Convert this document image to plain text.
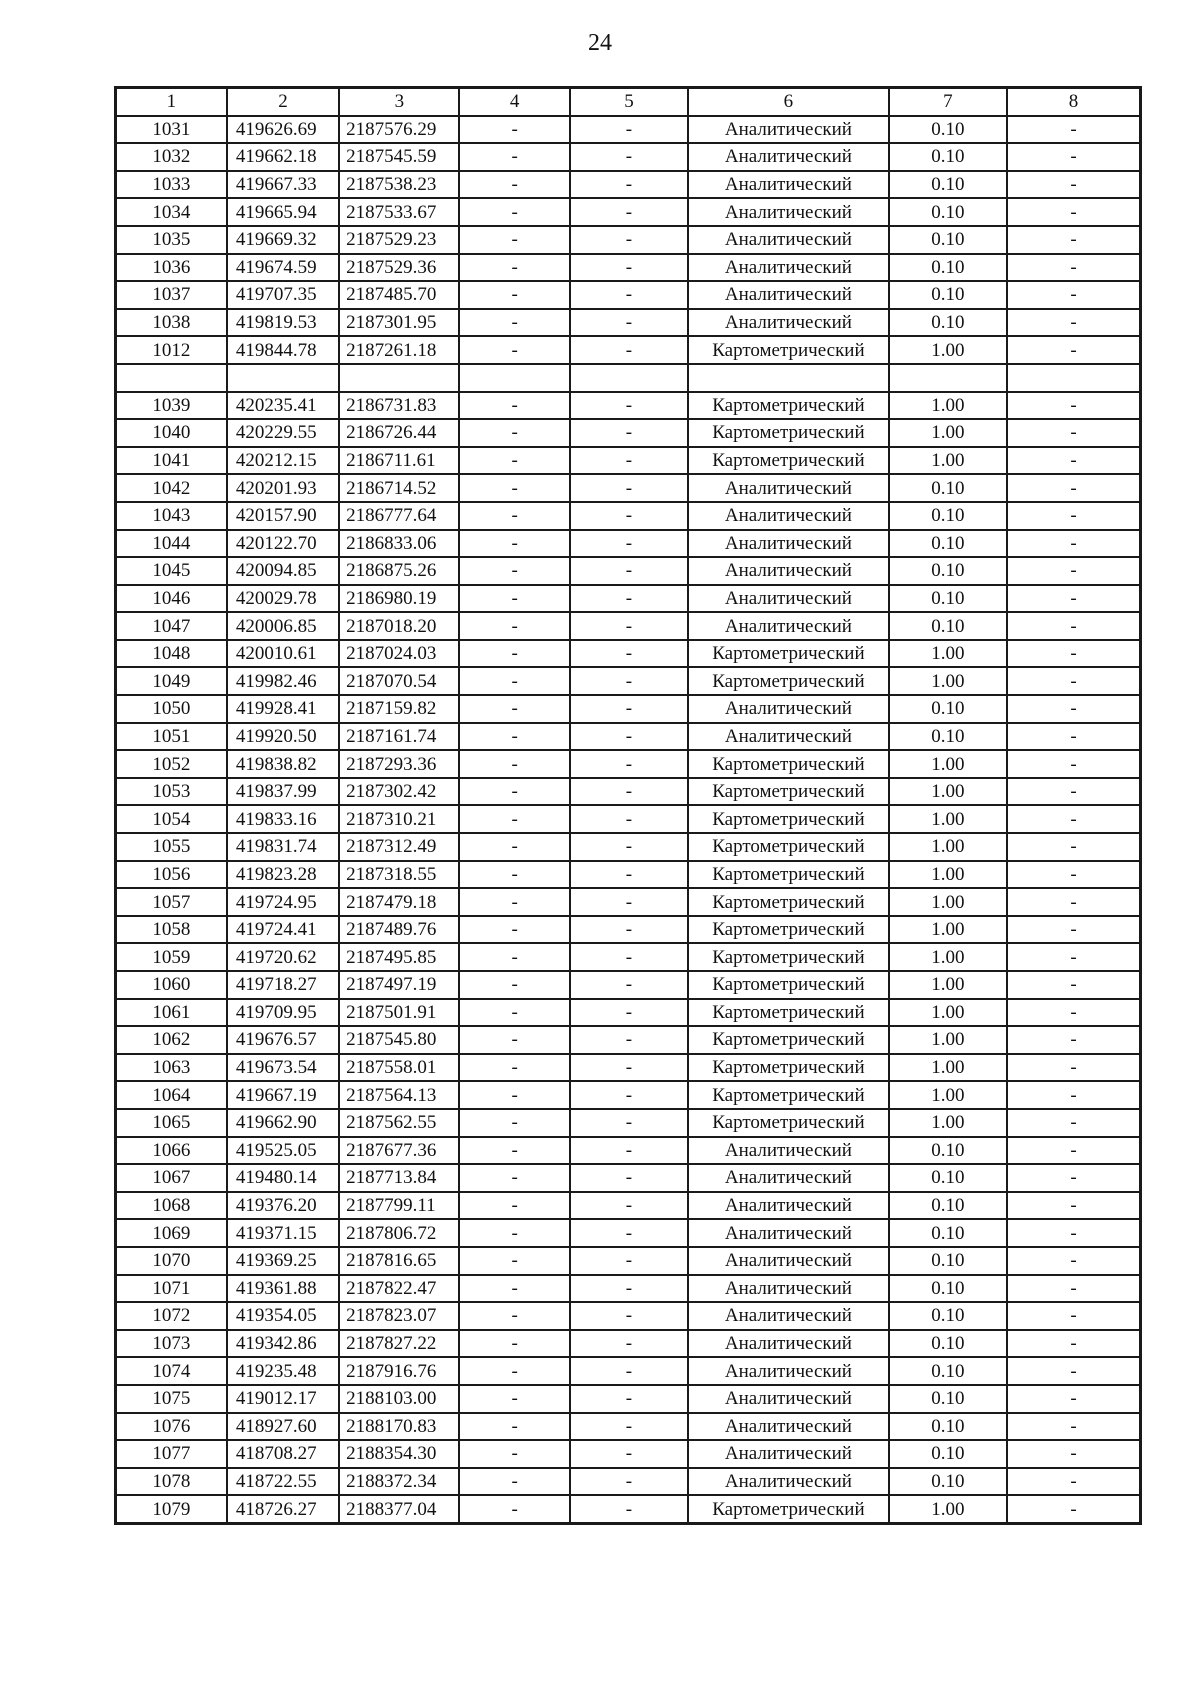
24
1	2	3	4	5	6	7	8
1031	419626.69	2187576.29	-	-	Аналитический	0.10	-
1032	419662.18	2187545.59	-	-	Аналитический	0.10	-
1033	419667.33	2187538.23	-	-	Аналитический	0.10	-
1034	419665.94	2187533.67	-	-	Аналитический	0.10	-
1035	419669.32	2187529.23	-	-	Аналитический	0.10	-
1036	419674.59	2187529.36	-	-	Аналитический	0.10	-
1037	419707.35	2187485.70	-	-	Аналитический	0.10	-
1038	419819.53	2187301.95	-	-	Аналитический	0.10	-
1012	419844.78	2187261.18	-	-	Картометрический	1.00	-

1039	420235.41	2186731.83	-	-	Картометрический	1.00	-
1040	420229.55	2186726.44	-	-	Картометрический	1.00	-
1041	420212.15	2186711.61	-	-	Картометрический	1.00	-
1042	420201.93	2186714.52	-	-	Аналитический	0.10	-
1043	420157.90	2186777.64	-	-	Аналитический	0.10	-
1044	420122.70	2186833.06	-	-	Аналитический	0.10	-
1045	420094.85	2186875.26	-	-	Аналитический	0.10	-
1046	420029.78	2186980.19	-	-	Аналитический	0.10	-
1047	420006.85	2187018.20	-	-	Аналитический	0.10	-
1048	420010.61	2187024.03	-	-	Картометрический	1.00	-
1049	419982.46	2187070.54	-	-	Картометрический	1.00	-
1050	419928.41	2187159.82	-	-	Аналитический	0.10	-
1051	419920.50	2187161.74	-	-	Аналитический	0.10	-
1052	419838.82	2187293.36	-	-	Картометрический	1.00	-
1053	419837.99	2187302.42	-	-	Картометрический	1.00	-
1054	419833.16	2187310.21	-	-	Картометрический	1.00	-
1055	419831.74	2187312.49	-	-	Картометрический	1.00	-
1056	419823.28	2187318.55	-	-	Картометрический	1.00	-
1057	419724.95	2187479.18	-	-	Картометрический	1.00	-
1058	419724.41	2187489.76	-	-	Картометрический	1.00	-
1059	419720.62	2187495.85	-	-	Картометрический	1.00	-
1060	419718.27	2187497.19	-	-	Картометрический	1.00	-
1061	419709.95	2187501.91	-	-	Картометрический	1.00	-
1062	419676.57	2187545.80	-	-	Картометрический	1.00	-
1063	419673.54	2187558.01	-	-	Картометрический	1.00	-
1064	419667.19	2187564.13	-	-	Картометрический	1.00	-
1065	419662.90	2187562.55	-	-	Картометрический	1.00	-
1066	419525.05	2187677.36	-	-	Аналитический	0.10	-
1067	419480.14	2187713.84	-	-	Аналитический	0.10	-
1068	419376.20	2187799.11	-	-	Аналитический	0.10	-
1069	419371.15	2187806.72	-	-	Аналитический	0.10	-
1070	419369.25	2187816.65	-	-	Аналитический	0.10	-
1071	419361.88	2187822.47	-	-	Аналитический	0.10	-
1072	419354.05	2187823.07	-	-	Аналитический	0.10	-
1073	419342.86	2187827.22	-	-	Аналитический	0.10	-
1074	419235.48	2187916.76	-	-	Аналитический	0.10	-
1075	419012.17	2188103.00	-	-	Аналитический	0.10	-
1076	418927.60	2188170.83	-	-	Аналитический	0.10	-
1077	418708.27	2188354.30	-	-	Аналитический	0.10	-
1078	418722.55	2188372.34	-	-	Аналитический	0.10	-
1079	418726.27	2188377.04	-	-	Картометрический	1.00	-
